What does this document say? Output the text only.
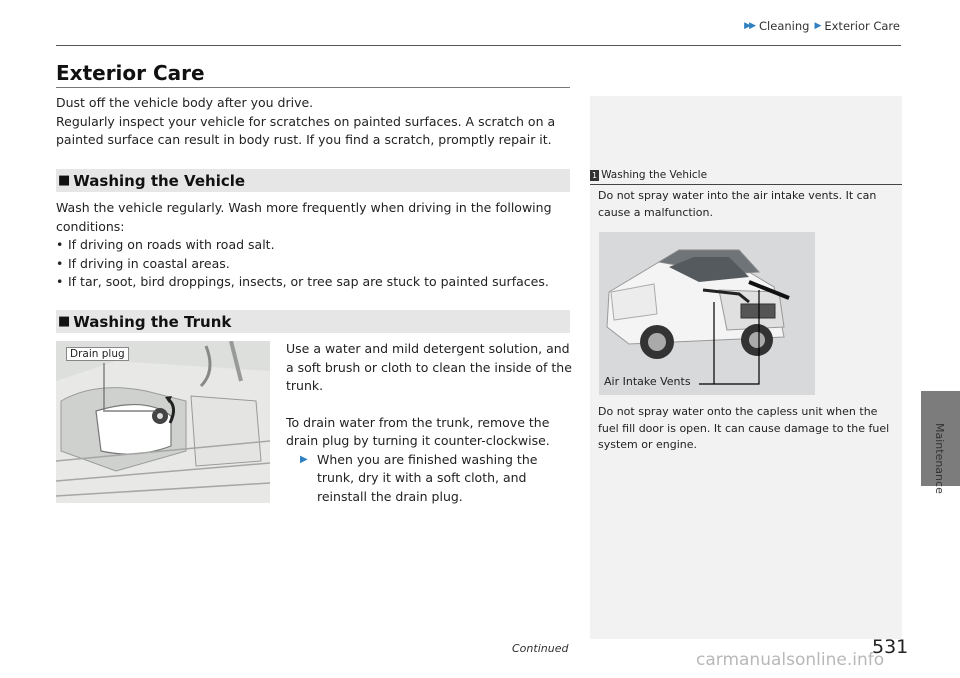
▶▶ Cleaning ▶ Exterior Care
Exterior Care

Dust off the vehicle body after you drive.

Regularly inspect your vehicle for scratches on painted surfaces. A scratch on a painted surface can result in body rust. If you find a scratch, promptly repair it.

■ Washing the Vehicle

Wash the vehicle regularly. Wash more frequently when driving in the following conditions:

• If driving on roads with road salt.
• If driving in coastal areas.
• If tar, soot, bird droppings, insects, or tree sap are stuck to painted surfaces.
■ Washing the Trunk
Drain plug	Use a water and mild detergent solution, and a soft brush or cloth to clean the inside of the trunk.

To drain water from the trunk, remove the drain plug by turning it counter-clockwise.

▶ When you are finished washing the trunk, dry it with a soft cloth, and reinstall the drain plug.

1 Washing the Vehicle

Do not spray water into the air intake vents. It can cause a malfunction.

Air Intake Vents

Do not spray water onto the capless unit when the fuel fill door is open. It can cause damage to the fuel system or engine.	Maintenance
Continued	531
carmanualsonline.info
